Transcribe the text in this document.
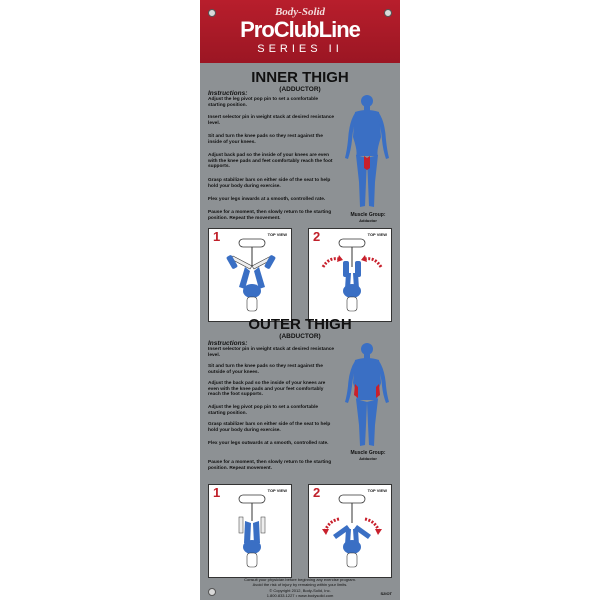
Body-Solid
ProClubLine
SERIES II
INNER THIGH
(ADDUCTOR)
Instructions:
Adjust the leg pivot pop pin to set a comfortable starting position.
Insert selector pin in weight stack at desired resistance level.
Sit and turn the knee pads so they rest against the inside of your knees.
Adjust back pad so the inside of your knees are even with the knee pads and feet comfortably reach the foot supports.
Grasp stabilizer bars on either side of the seat to help hold your body during exercise.
Flex your legs inwards at a smooth, controlled rate.
Pause for a moment, then slowly return to the starting position. Repeat the movement.
Muscle Group:
Adductor
1	TOP VIEW 2	TOP VIEW
OUTER THIGH
(ABDUCTOR)
Instructions:
Insert selector pin in weight stack at desired resistance level.
Sit and turn the knee pads so they rest against the outside of your knees.
Adjust the back pad so the inside of your knees are even with the knee pads and your feet comfortably reach the foot supports.
Adjust the leg pivot pop pin to set a comfortable starting position.
Grasp stabilizer bars on either side of the seat to help hold your body during exercise.
Flex your legs outwards at a smooth, controlled rate.
Pause for a moment, then slowly return to the starting position. Repeat movement.
Muscle Group:
Adductor
1	TOP VIEW 2	TOP VIEW
Consult your physician before beginning any exercise program.
Avoid the risk of injury by remaining within your limits.
© Copyright 2012, Body-Solid, Inc.
1.800.833.1227 • www.bodysolid.com	S2IOT
